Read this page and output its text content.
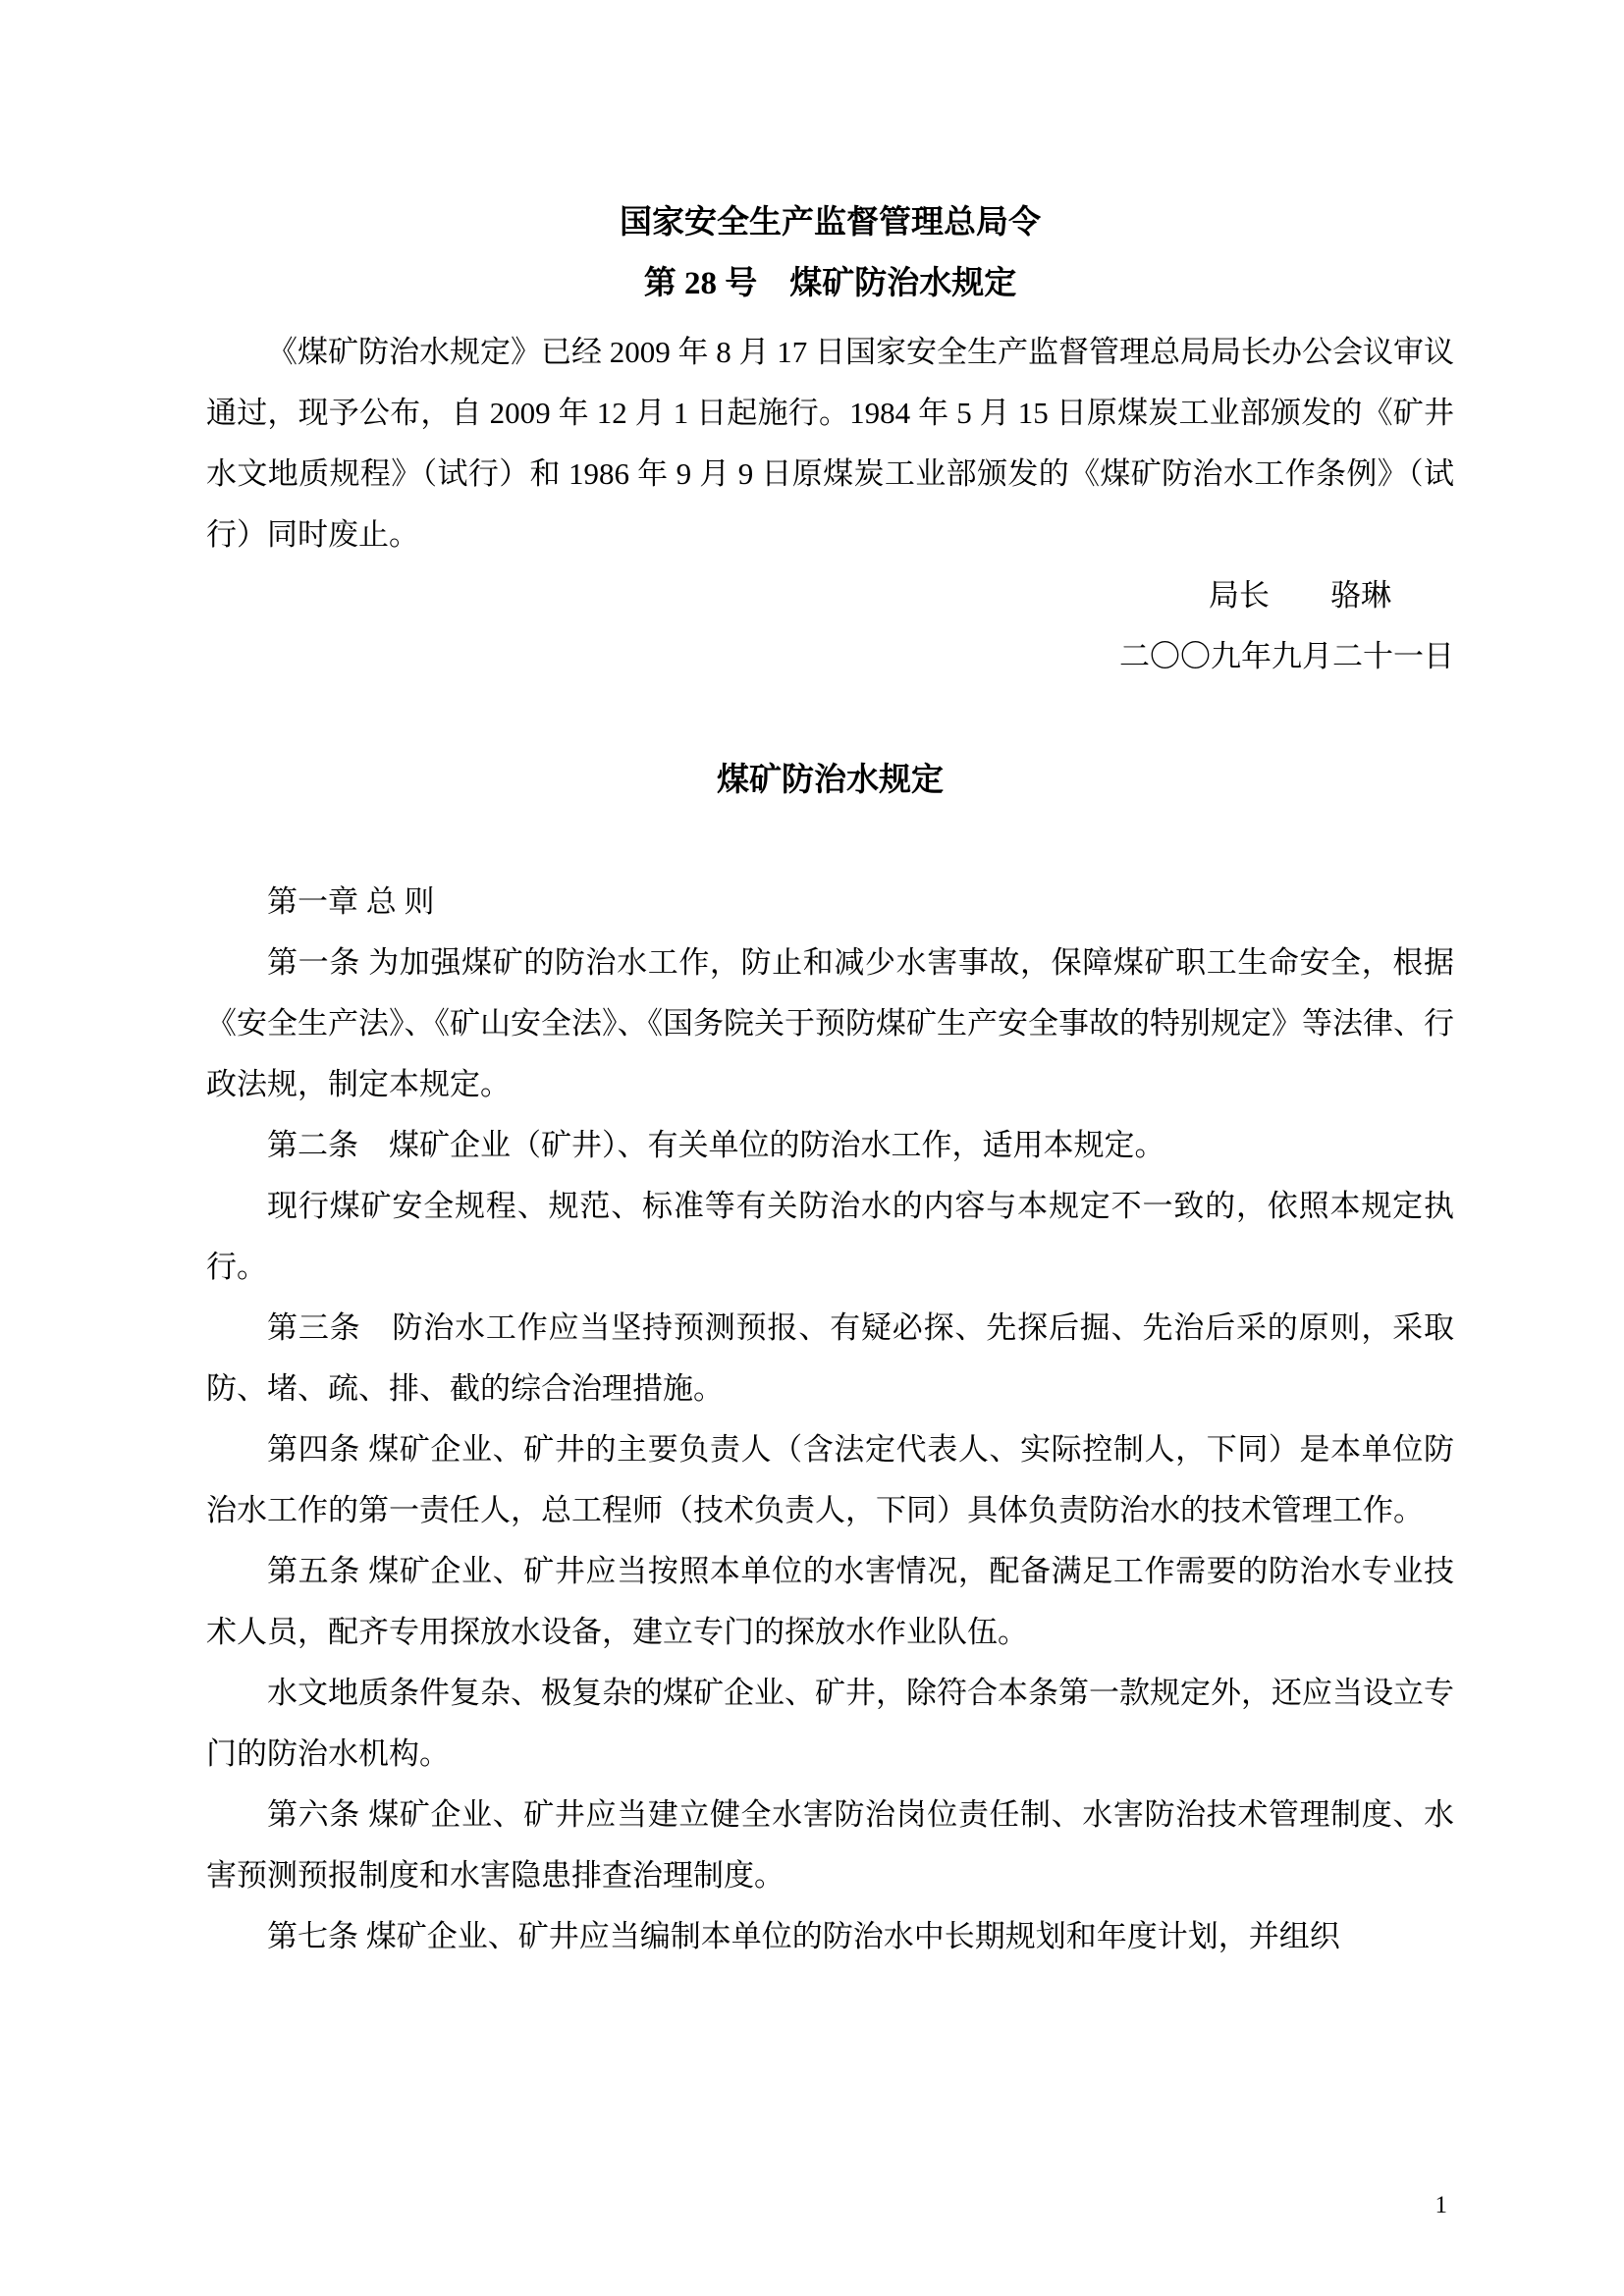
国家安全生产监督管理总局令
第 28 号　煤矿防治水规定

《煤矿防治水规定》已经 2009 年 8 月 17 日国家安全生产监督管理总局局长办公会议审议通过，现予公布，自 2009 年 12 月 1 日起施行。1984 年 5 月 15 日原煤炭工业部颁发的《矿井水文地质规程》（试行）和 1986 年 9 月 9 日原煤炭工业部颁发的《煤矿防治水工作条例》（试行）同时废止。

局长　　骆琳

二〇〇九年九月二十一日

煤矿防治水规定

第一章 总 则

第一条 为加强煤矿的防治水工作，防止和减少水害事故，保障煤矿职工生命安全，根据《安全生产法》、《矿山安全法》、《国务院关于预防煤矿生产安全事故的特别规定》等法律、行政法规，制定本规定。

第二条　煤矿企业（矿井）、有关单位的防治水工作，适用本规定。

现行煤矿安全规程、规范、标准等有关防治水的内容与本规定不一致的，依照本规定执行。

第三条　防治水工作应当坚持预测预报、有疑必探、先探后掘、先治后采的原则，采取防、堵、疏、排、截的综合治理措施。

第四条 煤矿企业、矿井的主要负责人（含法定代表人、实际控制人，下同）是本单位防治水工作的第一责任人，总工程师（技术负责人，下同）具体负责防治水的技术管理工作。

第五条 煤矿企业、矿井应当按照本单位的水害情况，配备满足工作需要的防治水专业技术人员，配齐专用探放水设备，建立专门的探放水作业队伍。

水文地质条件复杂、极复杂的煤矿企业、矿井，除符合本条第一款规定外，还应当设立专门的防治水机构。

第六条 煤矿企业、矿井应当建立健全水害防治岗位责任制、水害防治技术管理制度、水害预测预报制度和水害隐患排查治理制度。

第七条 煤矿企业、矿井应当编制本单位的防治水中长期规划和年度计划，并组织

1
